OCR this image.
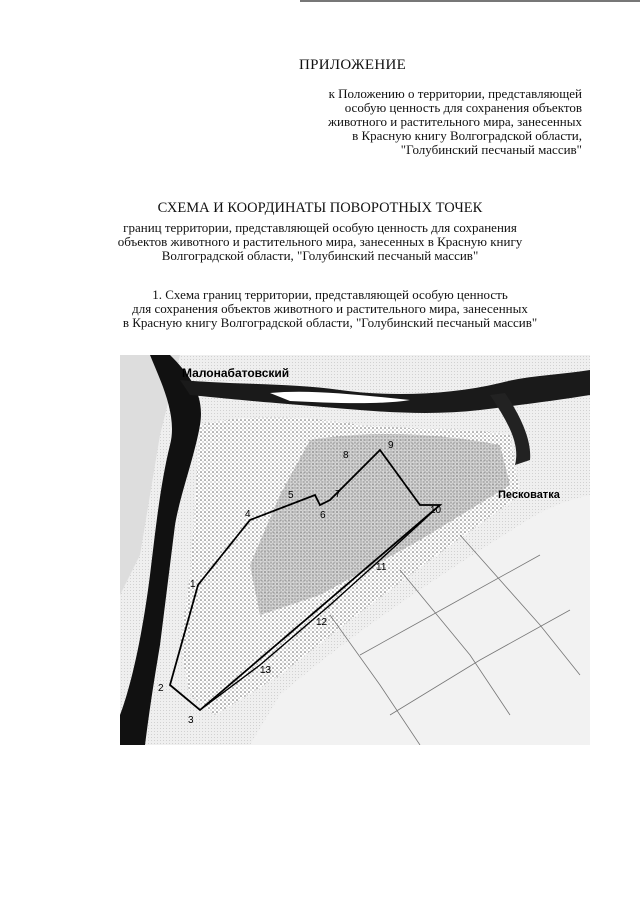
ПРИЛОЖЕНИЕ
к Положению о территории, представляющей
особую ценность для сохранения объектов
животного и растительного мира, занесенных
в Красную книгу Волгоградской области,
"Голубинский песчаный массив"
СХЕМА И КООРДИНАТЫ ПОВОРОТНЫХ ТОЧЕК
границ территории, представляющей особую ценность для сохранения
объектов животного и растительного мира, занесенных в Красную книгу
Волгоградской области, "Голубинский песчаный массив"
1. Схема границ территории, представляющей особую ценность
для сохранения объектов животного и растительного мира, занесенных
в Красную книгу Волгоградской области, "Голубинский песчаный массив"
Малонабатовский
Песковатка
1
2
3
4
5
6
7
8
9
10
11
12
13
